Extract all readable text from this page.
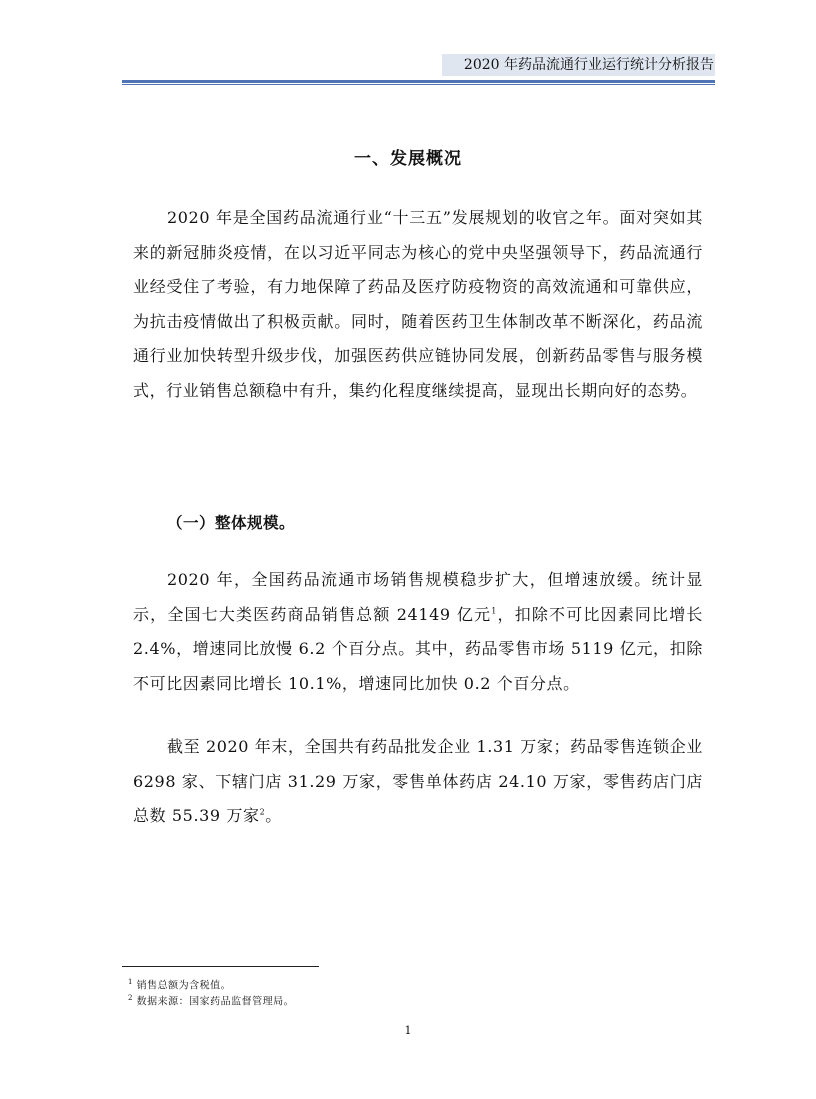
2020 年药品流通行业运行统计分析报告
一、发展概况

2020 年是全国药品流通行业“十三五”发展规划的收官之年。面对突如其来的新冠肺炎疫情，在以习近平同志为核心的党中央坚强领导下，药品流通行业经受住了考验，有力地保障了药品及医疗防疫物资的高效流通和可靠供应，为抗击疫情做出了积极贡献。同时，随着医药卫生体制改革不断深化，药品流通行业加快转型升级步伐，加强医药供应链协同发展，创新药品零售与服务模式，行业销售总额稳中有升，集约化程度继续提高，显现出长期向好的态势。

（一）整体规模。

2020 年，全国药品流通市场销售规模稳步扩大，但增速放缓。统计显示，全国七大类医药商品销售总额 24149 亿元$^1$，扣除不可比因素同比增长 2.4%，增速同比放慢 6.2 个百分点。其中，药品零售市场 5119 亿元，扣除不可比因素同比增长 10.1%，增速同比加快 0.2 个百分点。

截至 2020 年末，全国共有药品批发企业 1.31 万家；药品零售连锁企业 6298 家、下辖门店 31.29 万家，零售单体药店 24.10 万家，零售药店门店总数 55.39 万家$^2$。

$^1$ 销售总额为含税值。
$^2$ 数据来源：国家药品监督管理局。
1
